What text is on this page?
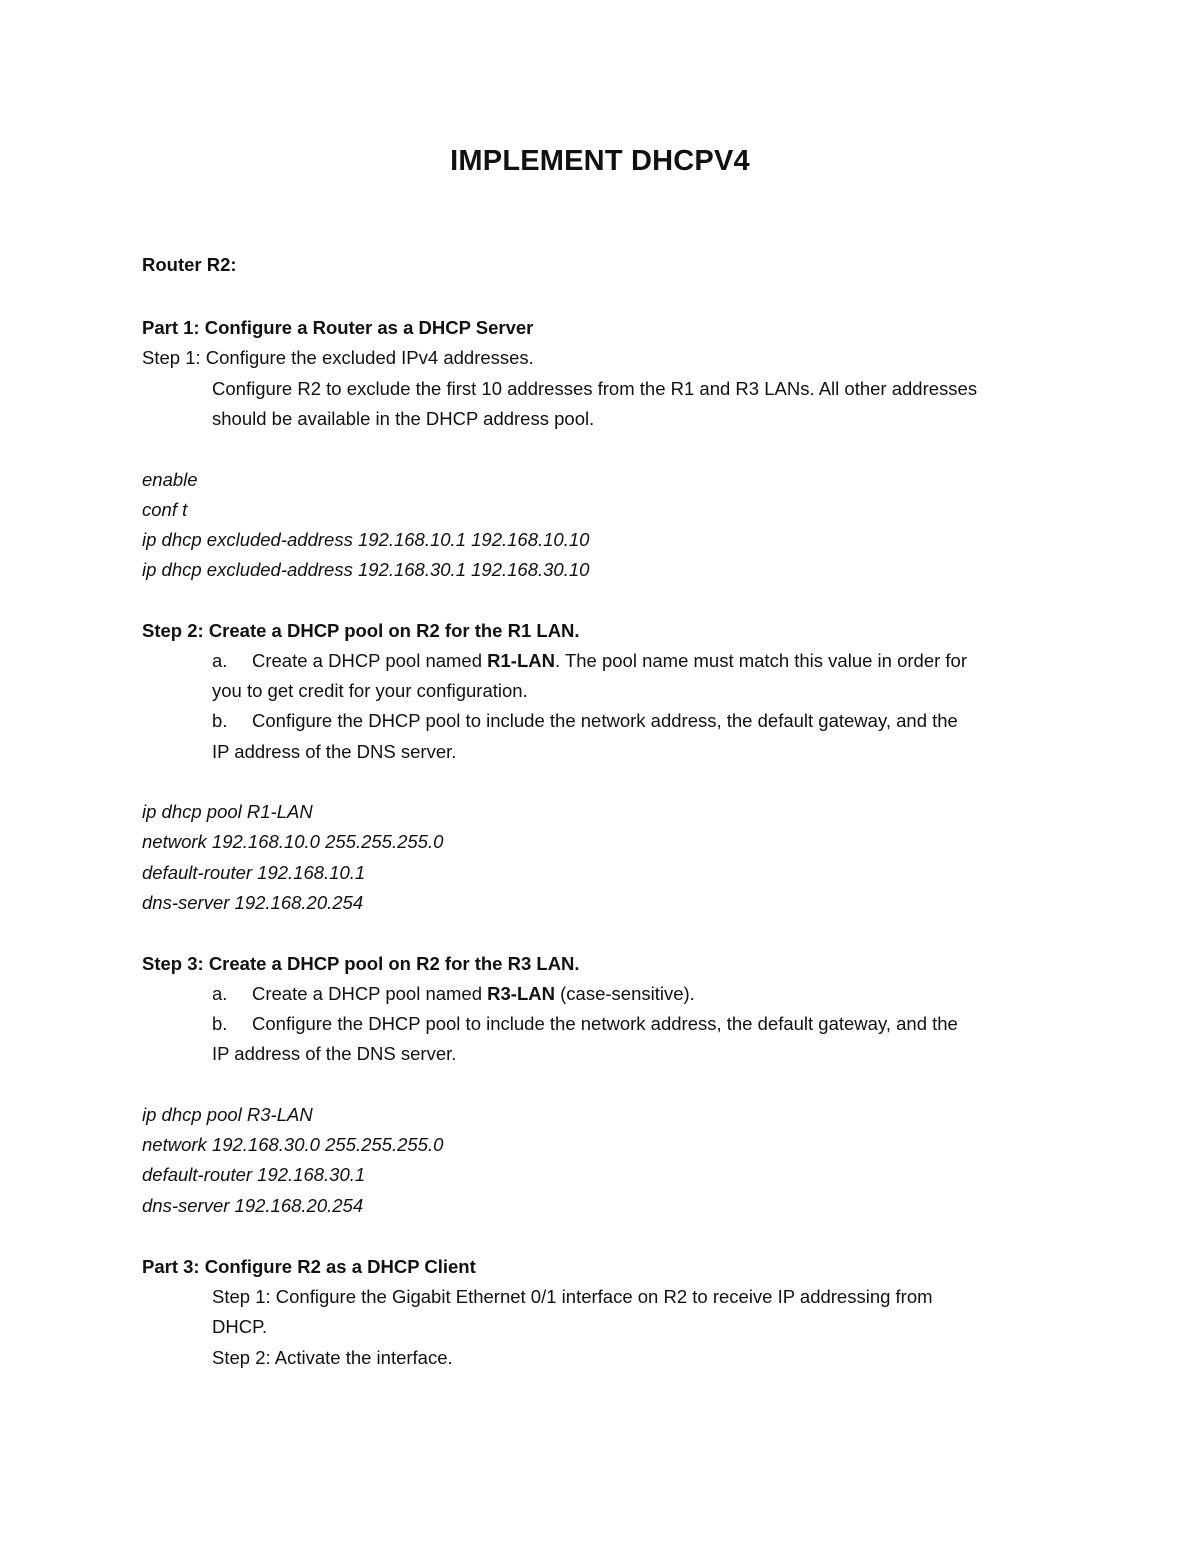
IMPLEMENT DHCPV4
Router R2:
Part 1: Configure a Router as a DHCP Server
Step 1: Configure the excluded IPv4 addresses.
Configure R2 to exclude the first 10 addresses from the R1 and R3 LANs. All other addresses
should be available in the DHCP address pool.
enable
conf t
ip dhcp excluded-address 192.168.10.1 192.168.10.10
ip dhcp excluded-address 192.168.30.1 192.168.30.10
Step 2: Create a DHCP pool on R2 for the R1 LAN.
a. Create a DHCP pool named R1-LAN. The pool name must match this value in order for
you to get credit for your configuration.
b. Configure the DHCP pool to include the network address, the default gateway, and the
IP address of the DNS server.
ip dhcp pool R1-LAN
network 192.168.10.0 255.255.255.0
default-router 192.168.10.1
dns-server 192.168.20.254
Step 3: Create a DHCP pool on R2 for the R3 LAN.
a. Create a DHCP pool named R3-LAN (case-sensitive).
b. Configure the DHCP pool to include the network address, the default gateway, and the
IP address of the DNS server.
ip dhcp pool R3-LAN
network 192.168.30.0 255.255.255.0
default-router 192.168.30.1
dns-server 192.168.20.254
Part 3: Configure R2 as a DHCP Client
Step 1: Configure the Gigabit Ethernet 0/1 interface on R2 to receive IP addressing from
DHCP.
Step 2: Activate the interface.
